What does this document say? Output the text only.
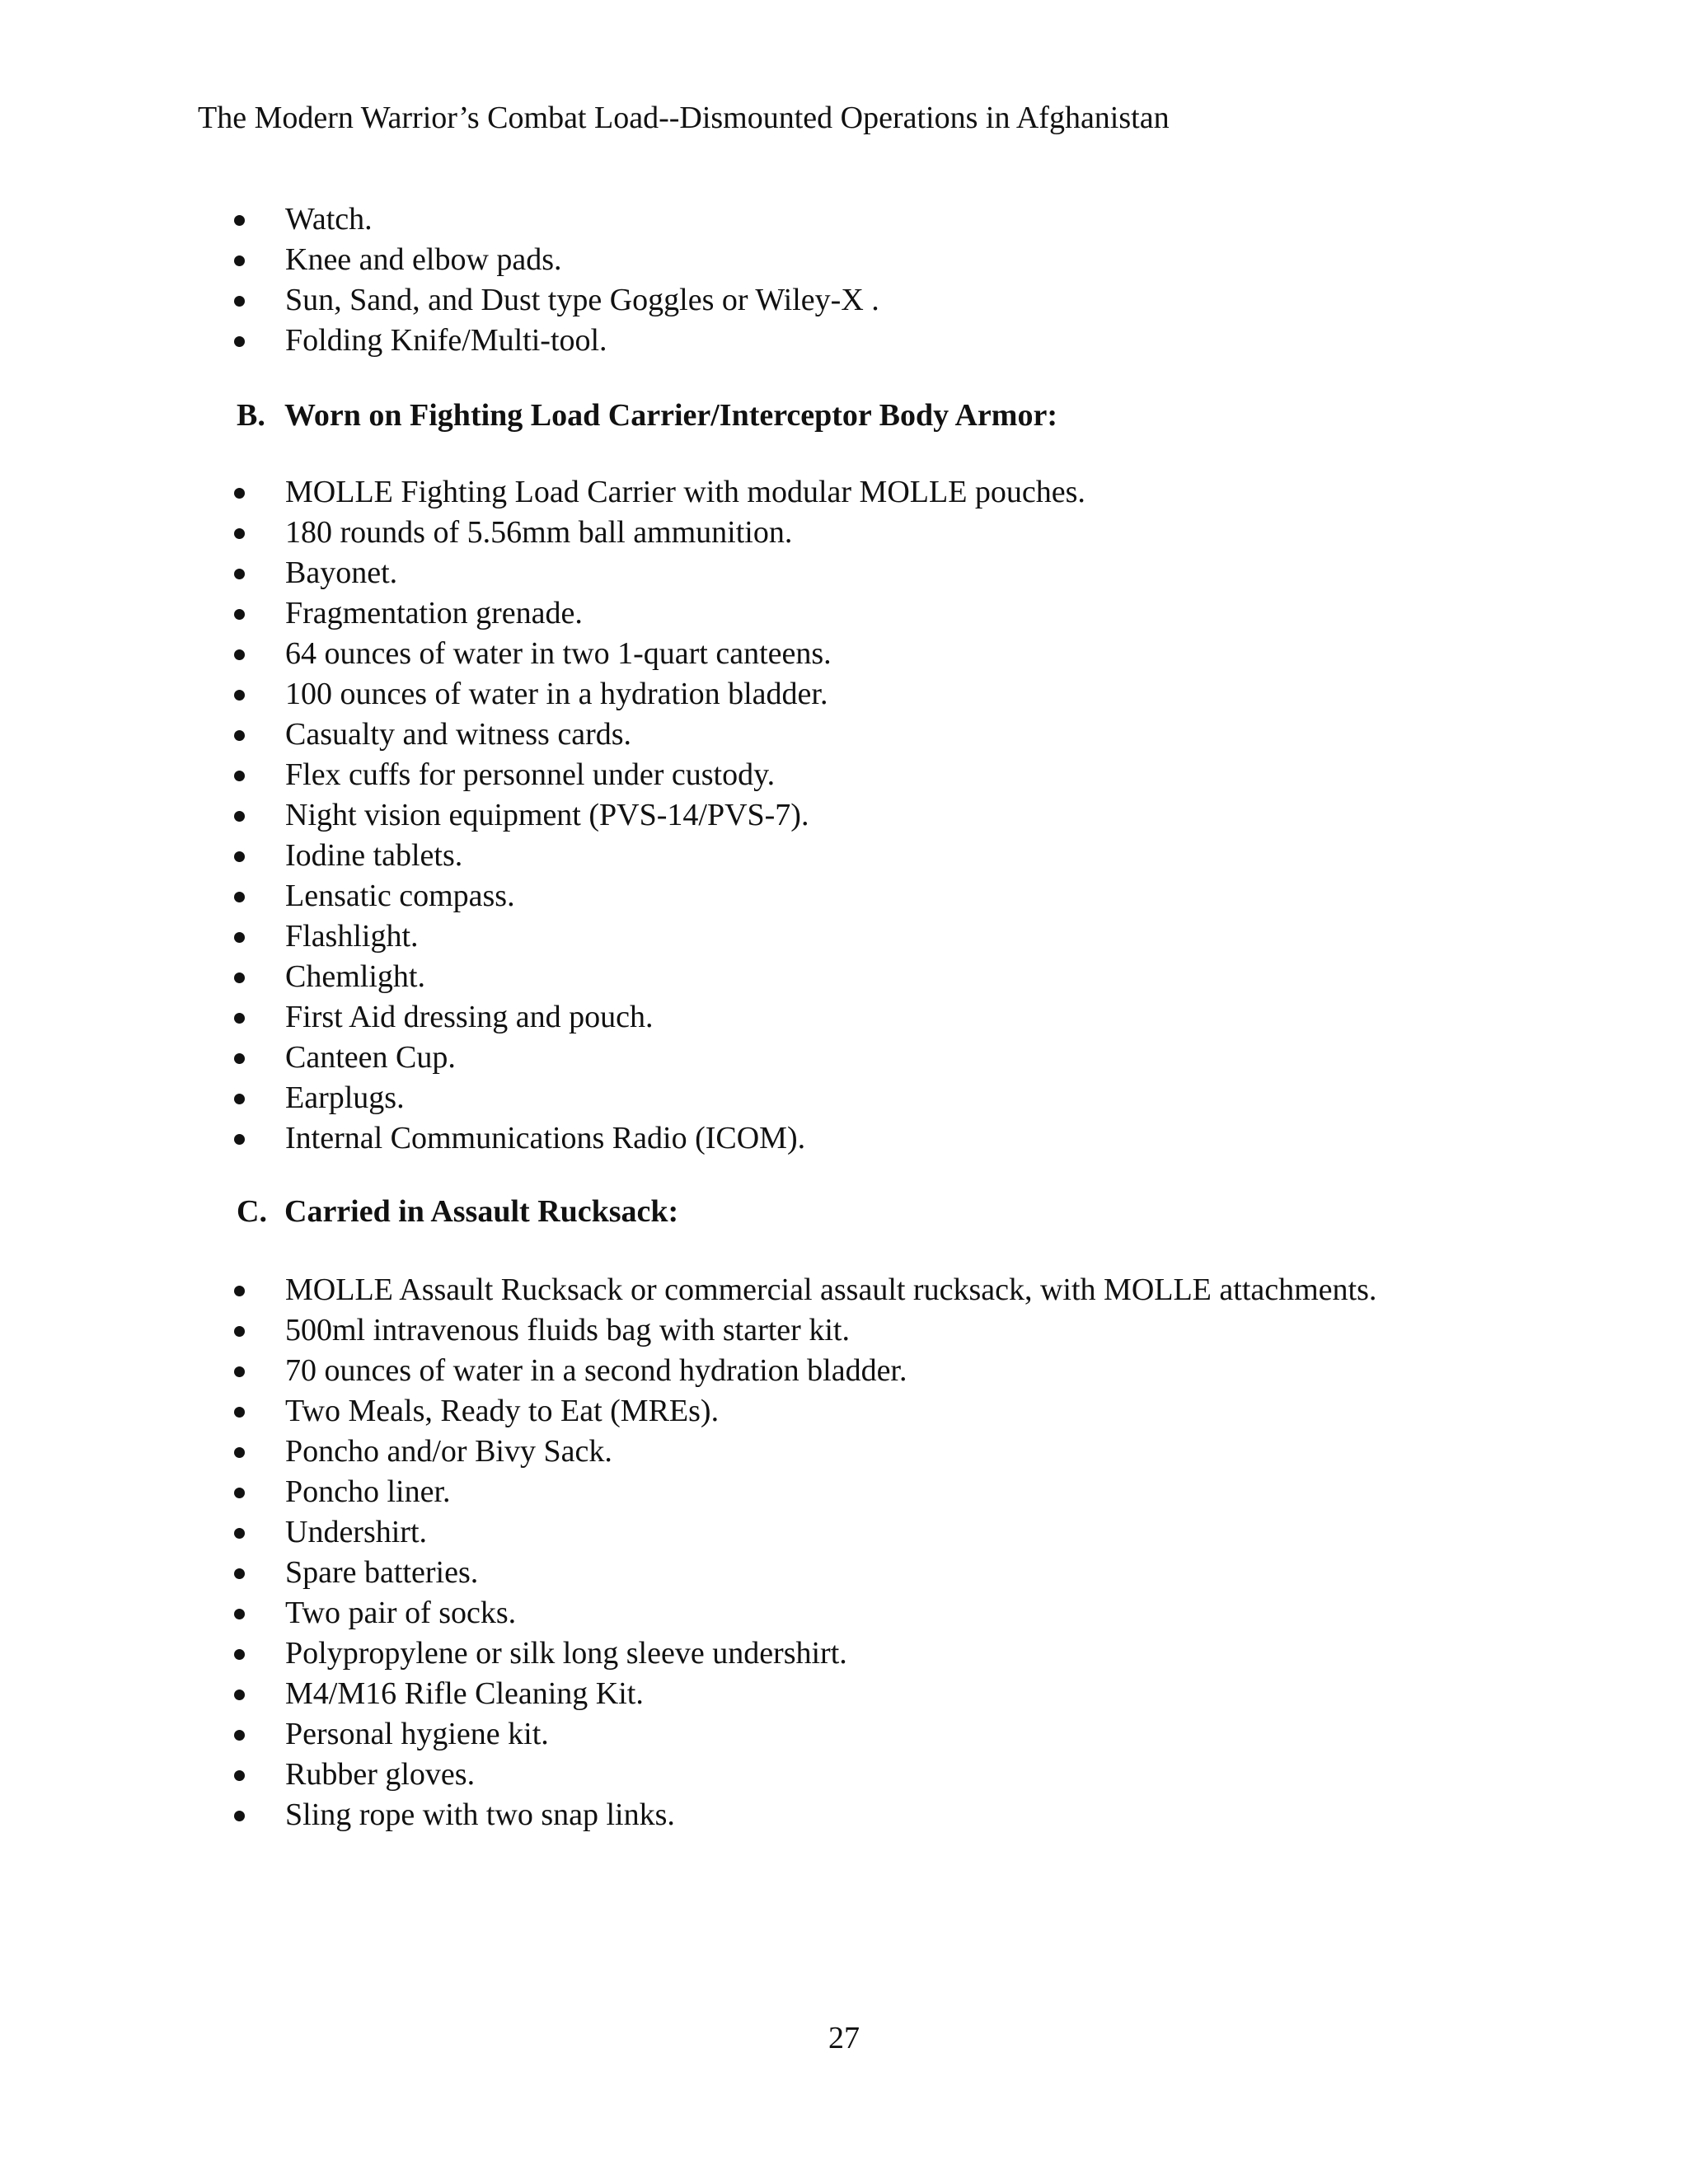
The Modern Warrior’s Combat Load--Dismounted Operations in Afghanistan
Watch.
Knee and elbow pads.
Sun, Sand, and Dust type Goggles or Wiley-X .
Folding Knife/Multi-tool.
B. Worn on Fighting Load Carrier/Interceptor Body Armor:
MOLLE Fighting Load Carrier with modular MOLLE pouches.
180 rounds of 5.56mm ball ammunition.
Bayonet.
Fragmentation grenade.
64 ounces of water in two 1-quart canteens.
100 ounces of water in a hydration bladder.
Casualty and witness cards.
Flex cuffs for personnel under custody.
Night vision equipment (PVS-14/PVS-7).
Iodine tablets.
Lensatic compass.
Flashlight.
Chemlight.
First Aid dressing and pouch.
Canteen Cup.
Earplugs.
Internal Communications Radio (ICOM).
C. Carried in Assault Rucksack:
MOLLE Assault Rucksack or commercial assault rucksack, with MOLLE attachments.
500ml intravenous fluids bag with starter kit.
70 ounces of water in a second hydration bladder.
Two Meals, Ready to Eat (MREs).
Poncho and/or Bivy Sack.
Poncho liner.
Undershirt.
Spare batteries.
Two pair of socks.
Polypropylene or silk long sleeve undershirt.
M4/M16 Rifle Cleaning Kit.
Personal hygiene kit.
Rubber gloves.
Sling rope with two snap links.
27
